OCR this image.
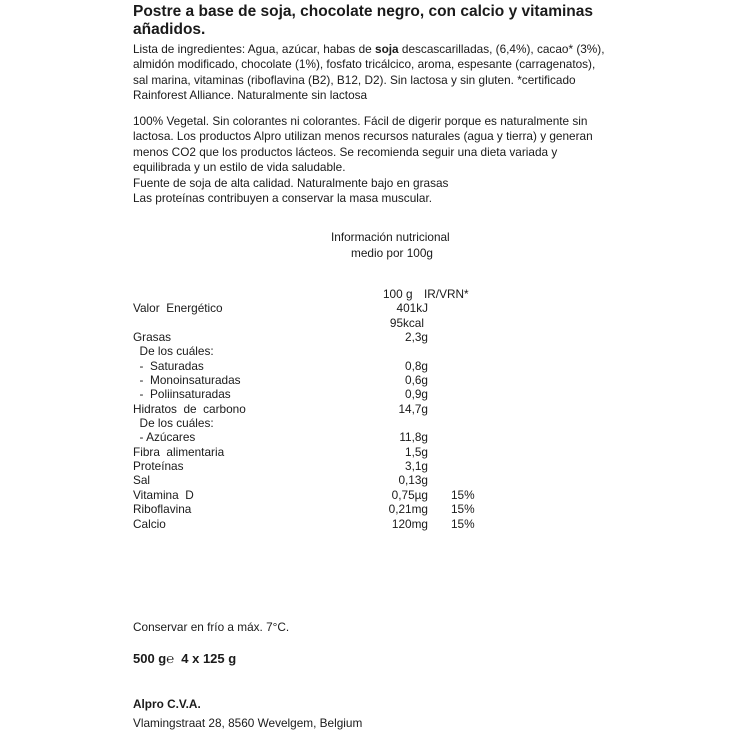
Postre a base de soja, chocolate negro, con calcio y vitaminas añadidos.

Lista de ingredientes: Agua, azúcar, habas de soja descascarilladas, (6,4%), cacao* (3%), almidón modificado, chocolate (1%), fosfato tricálcico, aroma, espesante (carragenatos), sal marina, vitaminas (riboflavina (B2), B12, D2). Sin lactosa y sin gluten. *certificado Rainforest Alliance. Naturalmente sin lactosa

100% Vegetal. Sin colorantes ni colorantes. Fácil de digerir porque es naturalmente sin lactosa. Los productos Alpro utilizan menos recursos naturales (agua y tierra) y generan menos CO2 que los productos lácteos. Se recomienda seguir una dieta variada y equilibrada y un estilo de vida saludable.
Fuente de soja de alta calidad. Naturalmente bajo en grasas
Las proteínas contribuyen a conservar la masa muscular.
Información nutricional
medio por 100g
100 g IR/VRN*
Valor  Energético	401kJ
95kcal
Grasas	2,3g
De los cuáles:
-  Saturadas	0,8g
-  Monoinsaturadas	0,6g
-  Poliinsaturadas	0,9g
Hidratos  de  carbono	14,7g
De los cuáles:
- Azúcares	11,8g
Fibra  alimentaria	1,5g
Proteínas	3,1g
Sal	0,13g
Vitamina  D	0,75µg 15%
Riboflavina	0,21mg 15%
Calcio	120mg 15%
Conservar en frío a máx. 7°C.
500 g℮  4 x 125 g
Alpro C.V.A.
Vlamingstraat 28, 8560 Wevelgem, Belgium
